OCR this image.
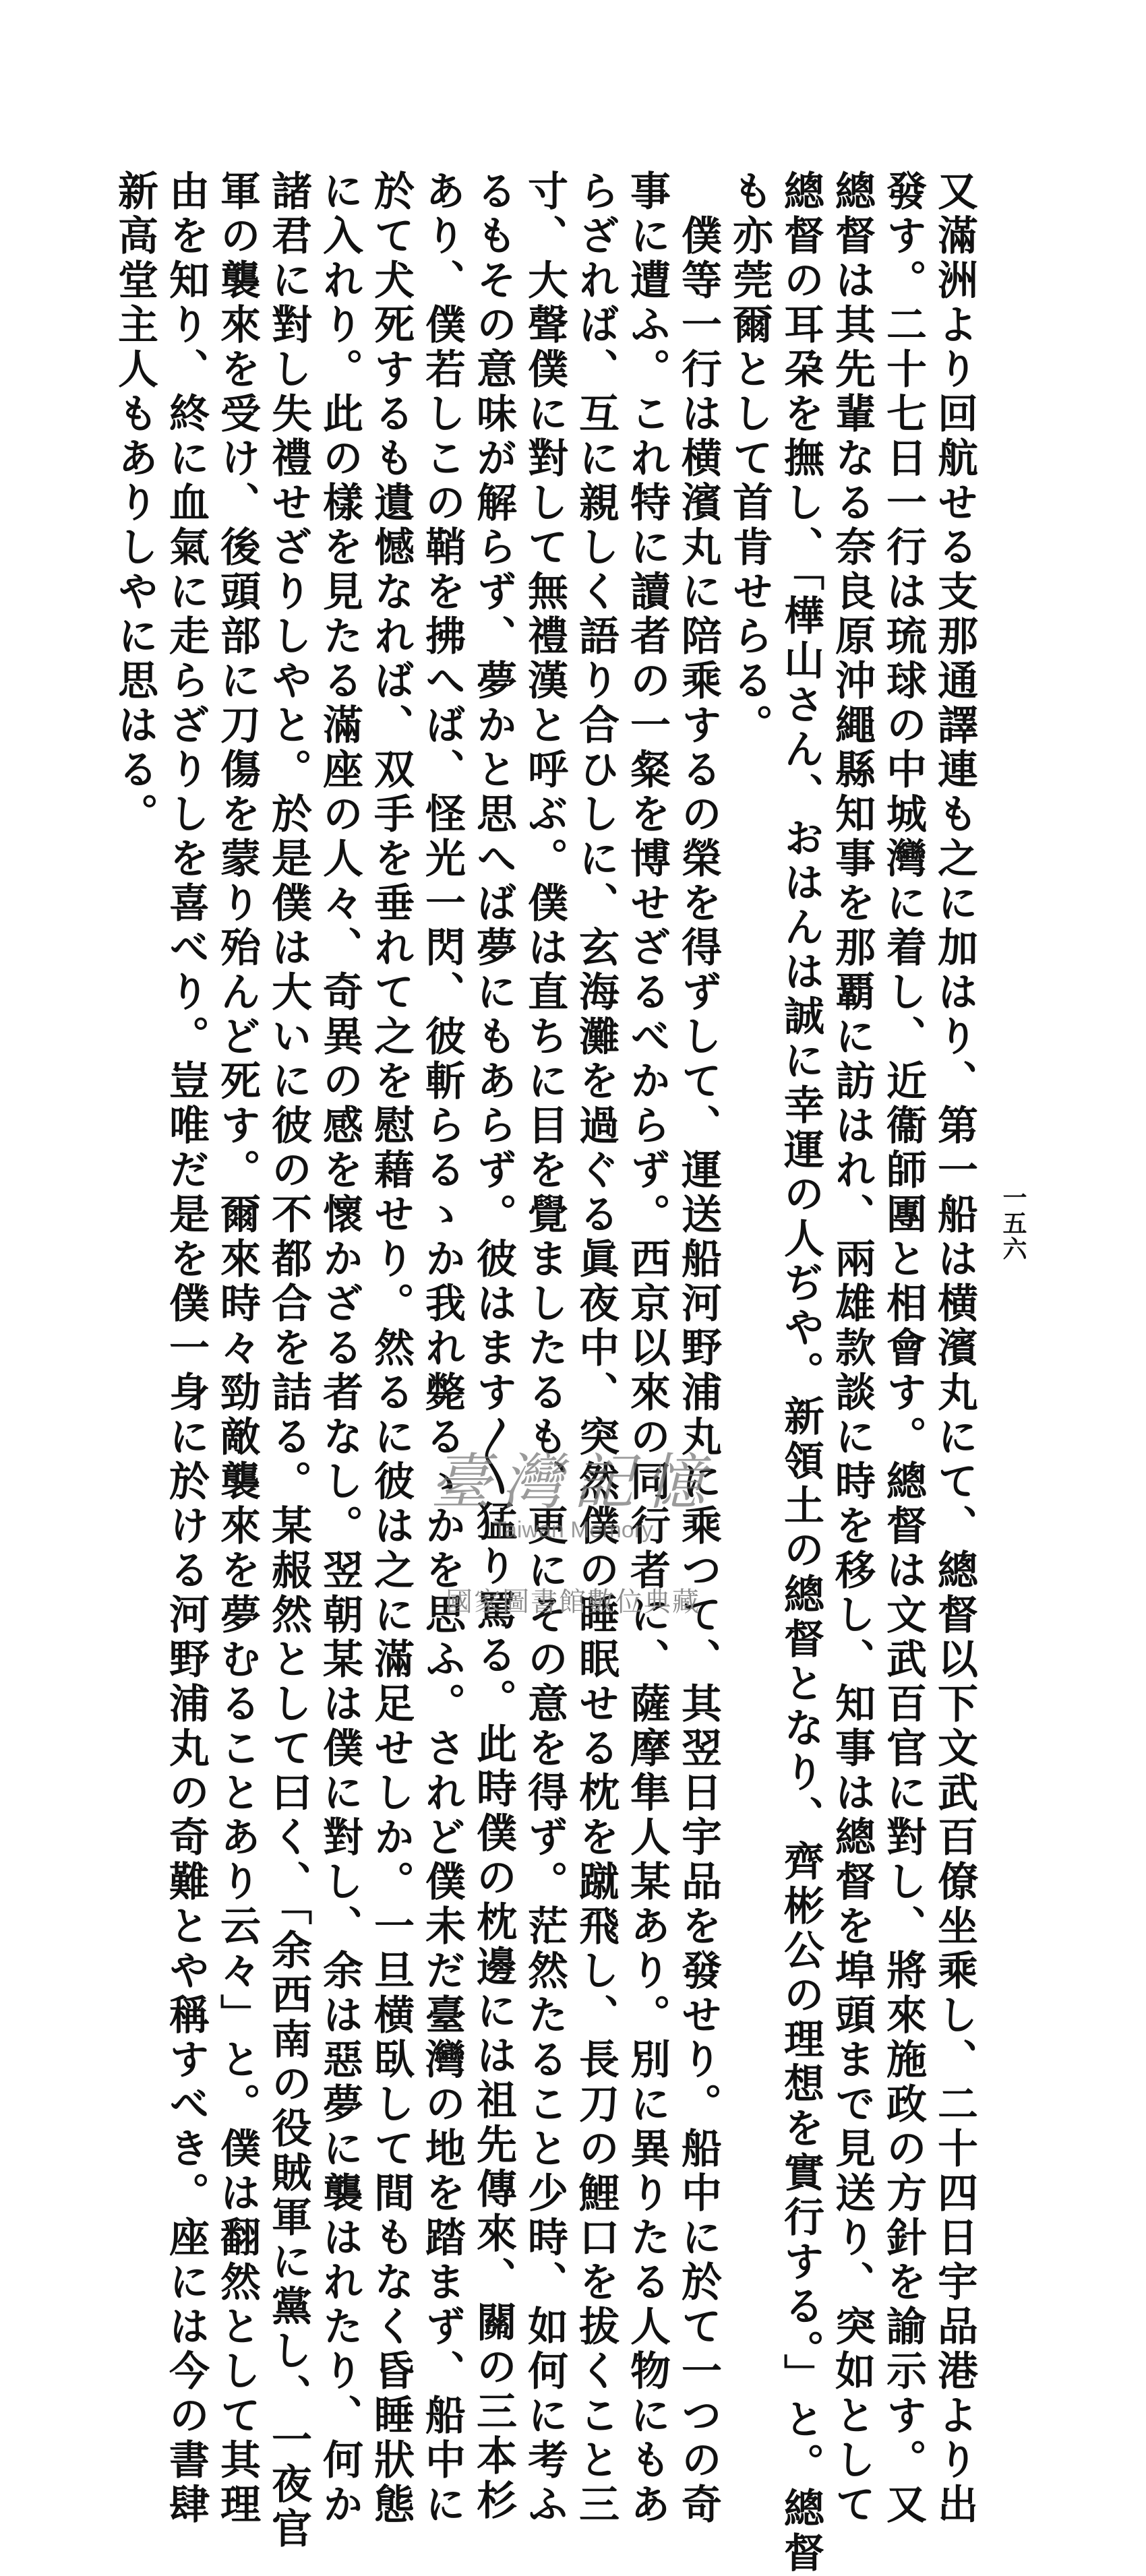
一五六

又滿洲より回航せる支那通譯連も之に加はり、第一船は横濱丸にて、總督以下文武百僚坐乘し、二十四日宇品港より出

發す。二十七日一行は琉球の中城灣に着し、近衞師團と相會す。總督は文武百官に對し、將來施政の方針を諭示す。又

總督は其先輩なる奈良原沖繩縣知事を那覇に訪はれ、兩雄款談に時を移し、知事は總督を埠頭まで見送り、突如として

總督の耳朶を撫し、「樺山さん、おはんは誠に幸運の人ぢや。新領土の總督となり、齊彬公の理想を實行する。」と。總督

も亦莞爾として首肯せらる。

　僕等一行は横濱丸に陪乘するの榮を得ずして、運送船河野浦丸に乘つて、其翌日宇品を發せり。船中に於て一つの奇

事に遭ふ。これ特に讀者の一粲を博せざるべからず。西京以來の同行者に、薩摩隼人某あり。別に異りたる人物にもあ

らざれば、互に親しく語り合ひしに、玄海灘を過ぐる眞夜中、突然僕の睡眠せる枕を蹴飛し、長刀の鯉口を拔くこと三

寸、大聲僕に對して無禮漢と呼ぶ。僕は直ちに目を覺ましたるも、更にその意を得ず。茫然たること少時、如何に考ふ

るもその意味が解らず、夢かと思へば夢にもあらず。彼はます〳〵猛り罵る。此時僕の枕邊には祖先傳來、關の三本杉

あり、僕若しこの鞘を拂へば、怪光一閃、彼斬らるゝか我れ斃るゝかを思ふ。されど僕未だ臺灣の地を踏まず、船中に

於て犬死するも遺憾なれば、双手を垂れて之を慰藉せり。然るに彼は之に滿足せしか。一旦横臥して間もなく昏睡狀態

に入れり。此の樣を見たる滿座の人々、奇異の感を懷かざる者なし。翌朝某は僕に對し、余は惡夢に襲はれたり、何か

諸君に對し失禮せざりしやと。於是僕は大いに彼の不都合を詰る。某赧然として曰く、「余西南の役賊軍に黨し、一夜官

軍の襲來を受け、後頭部に刀傷を蒙り殆んど死す。爾來時々勁敵襲來を夢むることあり云々」と。僕は翻然として其理

由を知り、終に血氣に走らざりしを喜べり。豈唯だ是を僕一身に於ける河野浦丸の奇難とや稱すべき。座には今の書肆

新高堂主人もありしやに思はる。

臺灣記憶
Taiwan Memory
國家圖書館數位典藏
